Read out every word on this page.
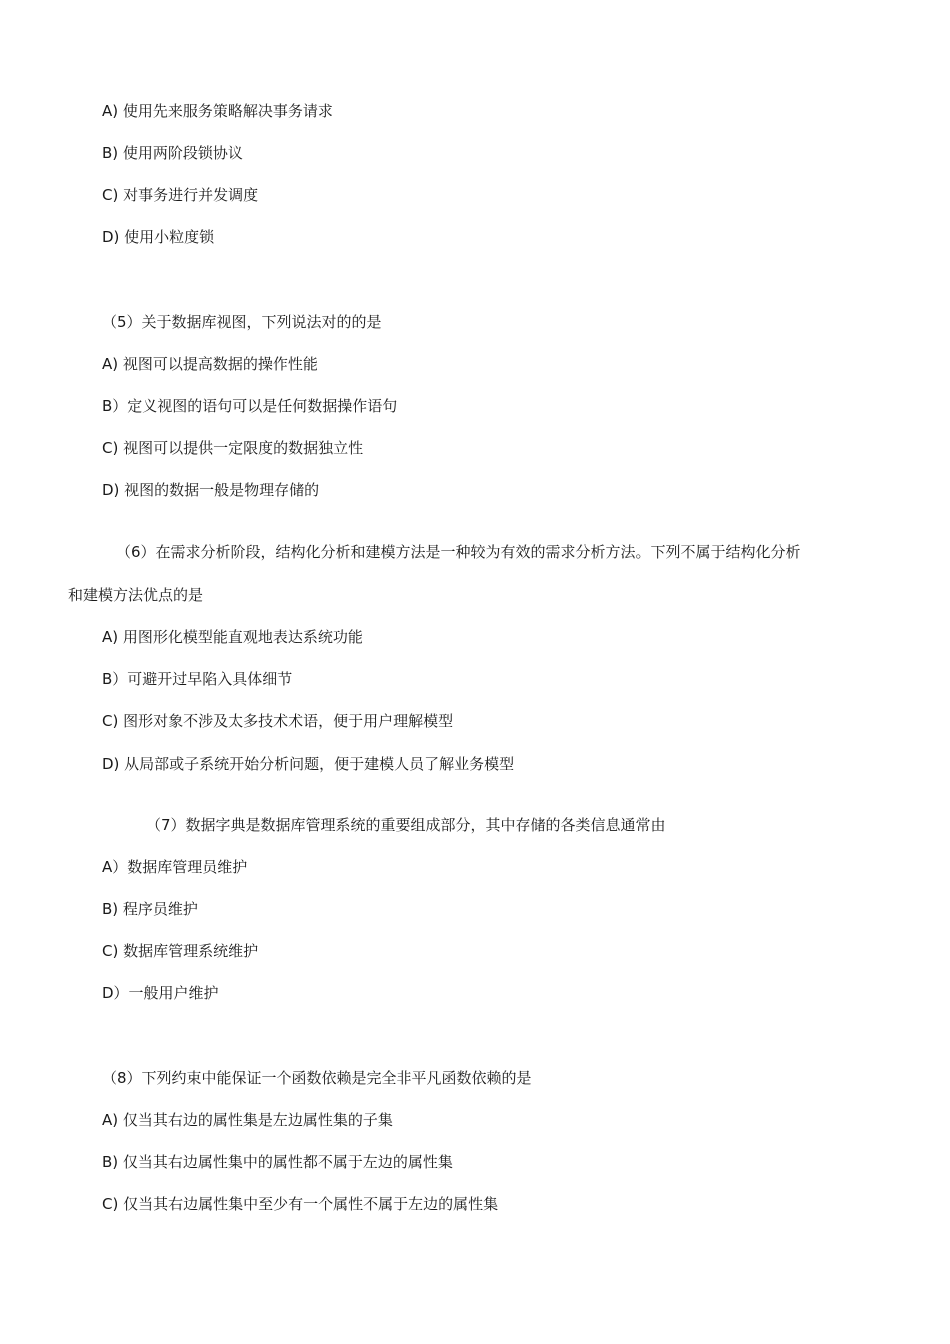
A) 使用先来服务策略解决事务请求
B) 使用两阶段锁协议
C) 对事务进行并发调度
D) 使用小粒度锁
（5）关于数据库视图，下列说法对的的是
A) 视图可以提高数据的操作性能
B）定义视图的语句可以是任何数据操作语句
C) 视图可以提供一定限度的数据独立性
D) 视图的数据一般是物理存储的
（6）在需求分析阶段，结构化分析和建模方法是一种较为有效的需求分析方法。下列不属于结构化分析
和建模方法优点的是
A) 用图形化模型能直观地表达系统功能
B）可避开过早陷入具体细节
C) 图形对象不涉及太多技术术语，便于用户理解模型
D) 从局部或子系统开始分析问题，便于建模人员了解业务模型
（7）数据字典是数据库管理系统的重要组成部分，其中存储的各类信息通常由
A）数据库管理员维护
B) 程序员维护
C) 数据库管理系统维护
D）一般用户维护
（8）下列约束中能保证一个函数依赖是完全非平凡函数依赖的是
A) 仅当其右边的属性集是左边属性集的子集
B) 仅当其右边属性集中的属性都不属于左边的属性集
C) 仅当其右边属性集中至少有一个属性不属于左边的属性集
